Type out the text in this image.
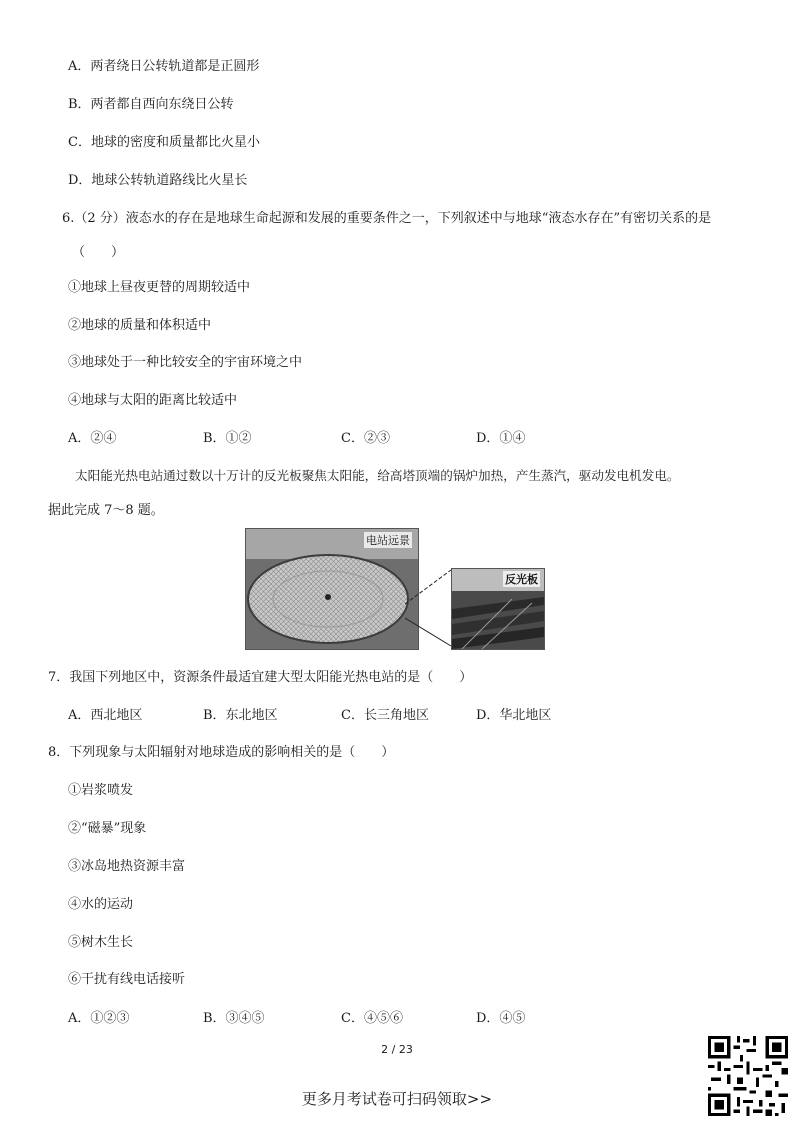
A．两者绕日公转轨道都是正圆形
B．两者都自西向东绕日公转
C．地球的密度和质量都比火星小
D．地球公转轨道路线比火星长
6.（2 分）液态水的存在是地球生命起源和发展的重要条件之一，下列叙述中与地球“液态水存在”有密切关系的是
（　　）
①地球上昼夜更替的周期较适中
②地球的质量和体积适中
③地球处于一种比较安全的宇宙环境之中
④地球与太阳的距离比较适中
A．②④	B．①②	C．②③	D．①④
太阳能光热电站通过数以十万计的反光板聚焦太阳能，给高塔顶端的锅炉加热，产生蒸汽，驱动发电机发电。
据此完成 7～8 题。
电站远景
反光板
7．我国下列地区中，资源条件最适宜建大型太阳能光热电站的是（　　）
A．西北地区	B．东北地区	C．长三角地区	D．华北地区
8．下列现象与太阳辐射对地球造成的影响相关的是（　　）
①岩浆喷发
②“磁暴”现象
③冰岛地热资源丰富
④水的运动
⑤树木生长
⑥干扰有线电话接听
A．①②③	B．③④⑤	C．④⑤⑥	D．④⑤
2 / 23
更多月考试卷可扫码领取>>
